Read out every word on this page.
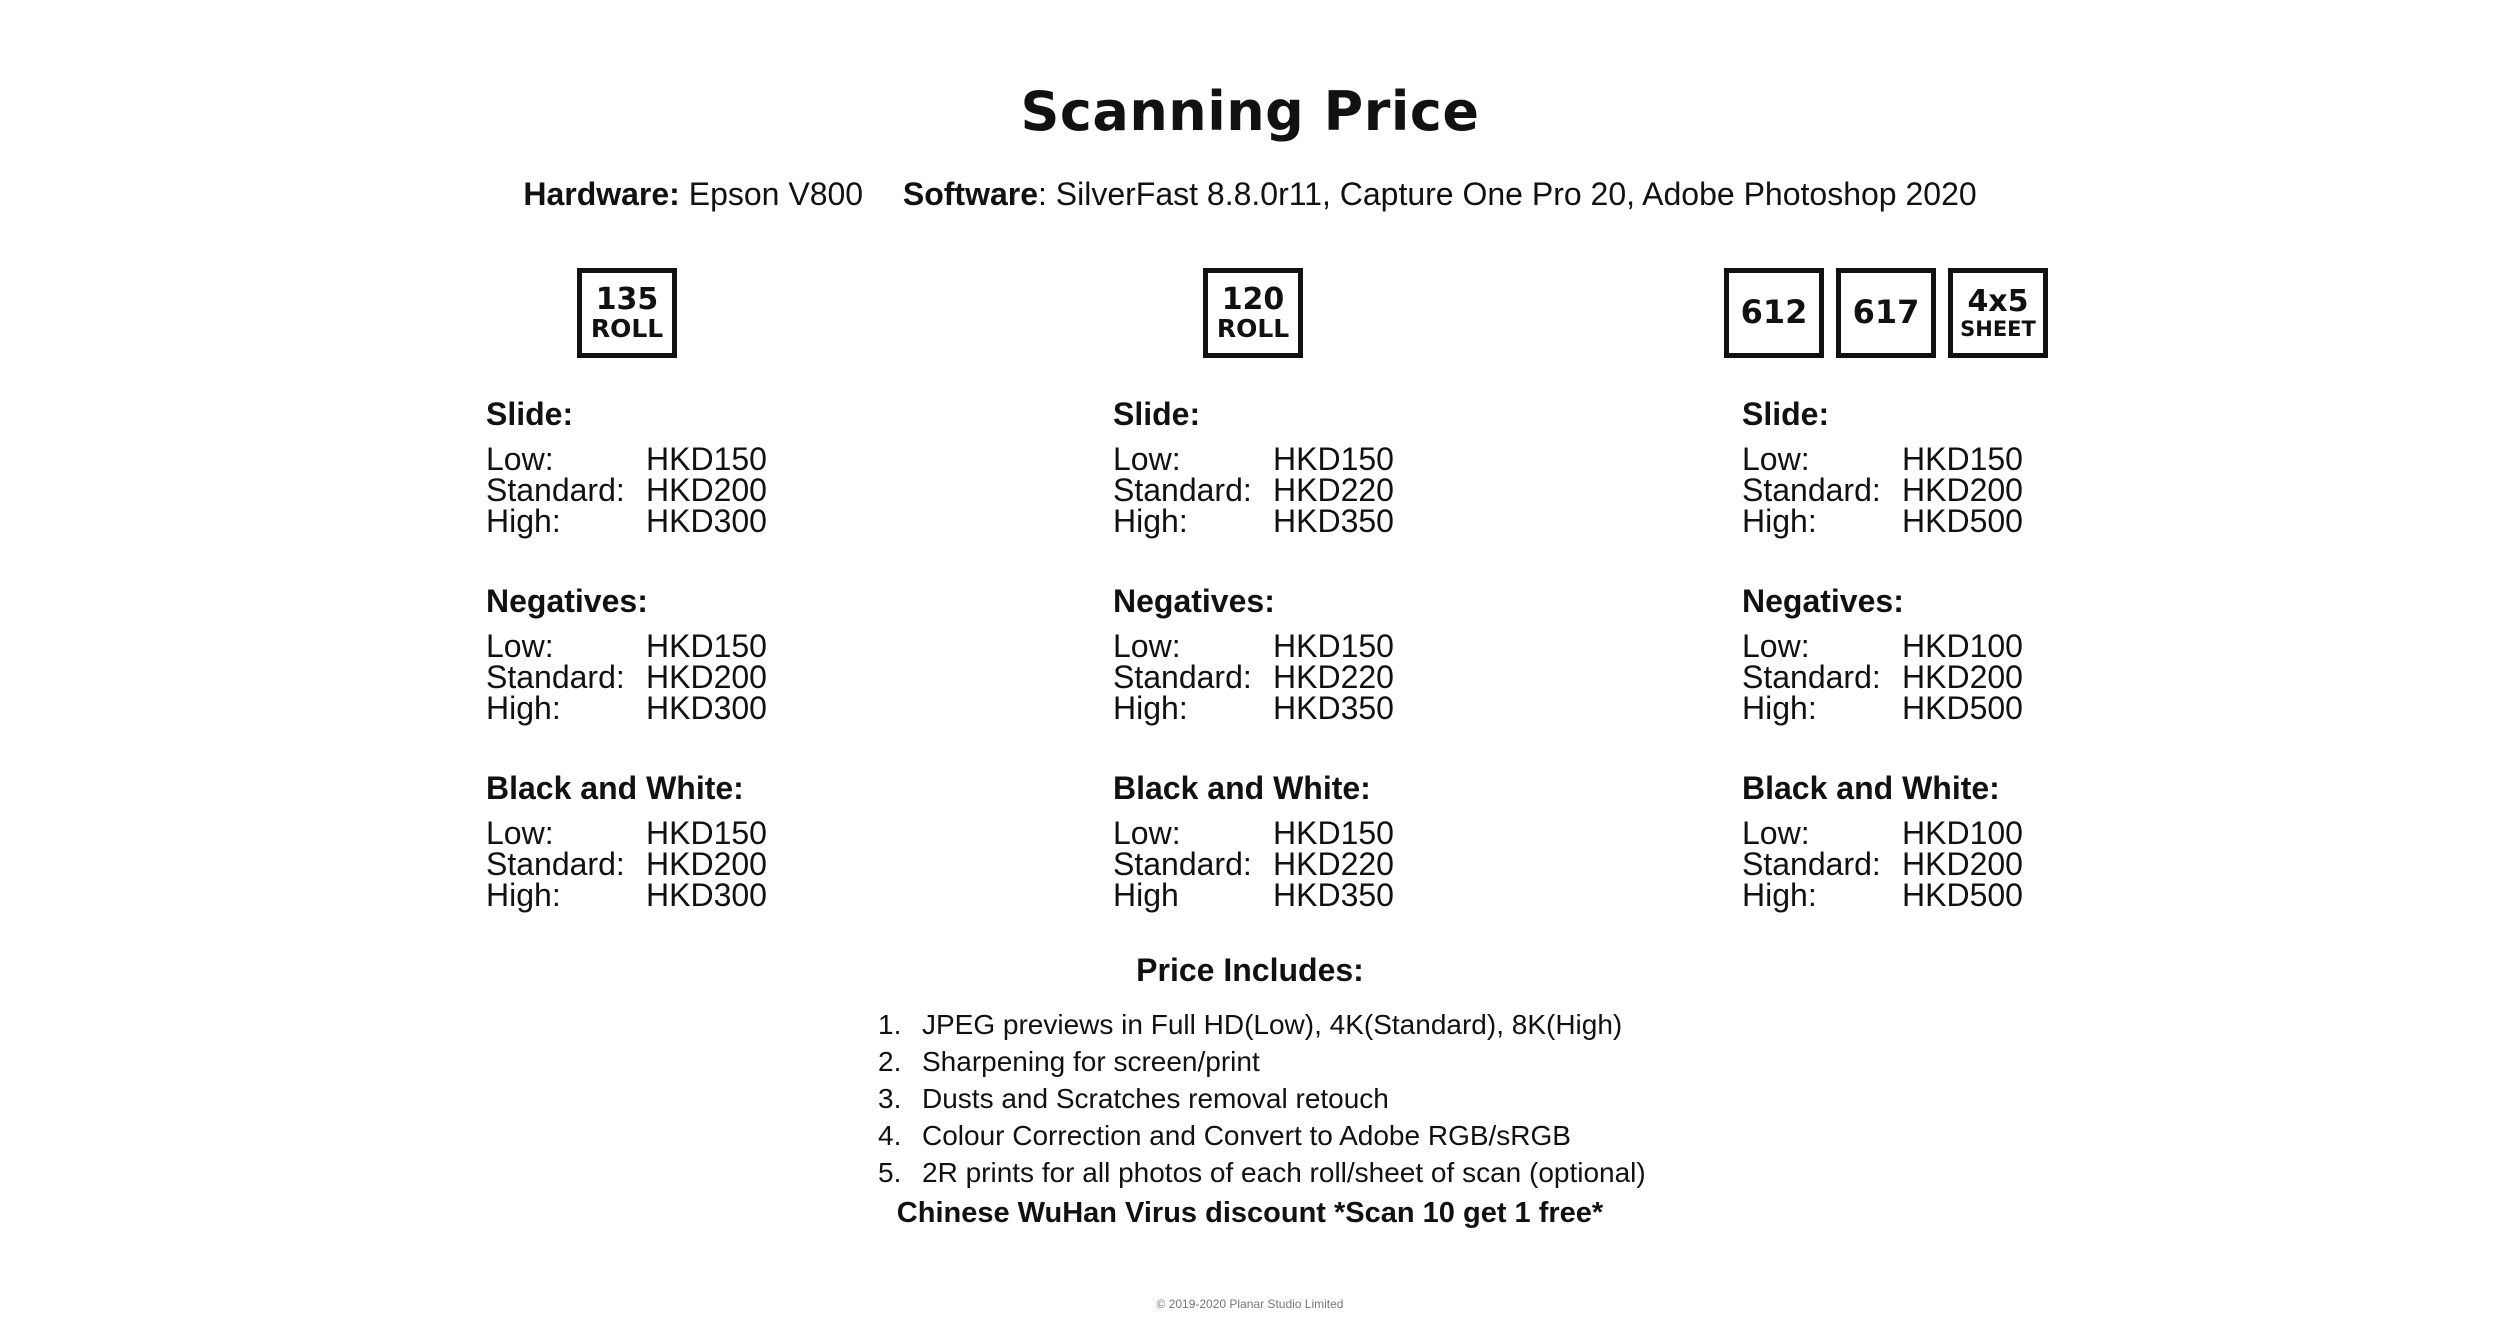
Scanning Price
Hardware: Epson V800 Software: SilverFast 8.8.0r11, Capture One Pro 20, Adobe Photoshop 2020
135
ROLL
Slide:
Low:	HKD150
Standard: HKD200
High:	HKD300
Negatives:
Low:	HKD150
Standard: HKD200
High:	HKD300
Black and White:
Low:	HKD150
Standard: HKD200
High:	HKD300
120
ROLL
Slide:
Low:	HKD150
Standard: HKD220
High:	HKD350
Negatives:
Low:	HKD150
Standard: HKD220
High:	HKD350
Black and White:
Low:	HKD150
Standard: HKD220
High	HKD350
612 617 4x5
SHEET
Slide:
Low:	HKD150
Standard: HKD200
High:	HKD500
Negatives:
Low:	HKD100
Standard: HKD200
High:	HKD500
Black and White:
Low:	HKD100
Standard: HKD200
High:	HKD500
Price Includes:
1. JPEG previews in Full HD(Low), 4K(Standard), 8K(High)
2. Sharpening for screen/print
3. Dusts and Scratches removal retouch
4. Colour Correction and Convert to Adobe RGB/sRGB
5. 2R prints for all photos of each roll/sheet of scan (optional)
Chinese WuHan Virus discount *Scan 10 get 1 free*
© 2019-2020 Planar Studio Limited
